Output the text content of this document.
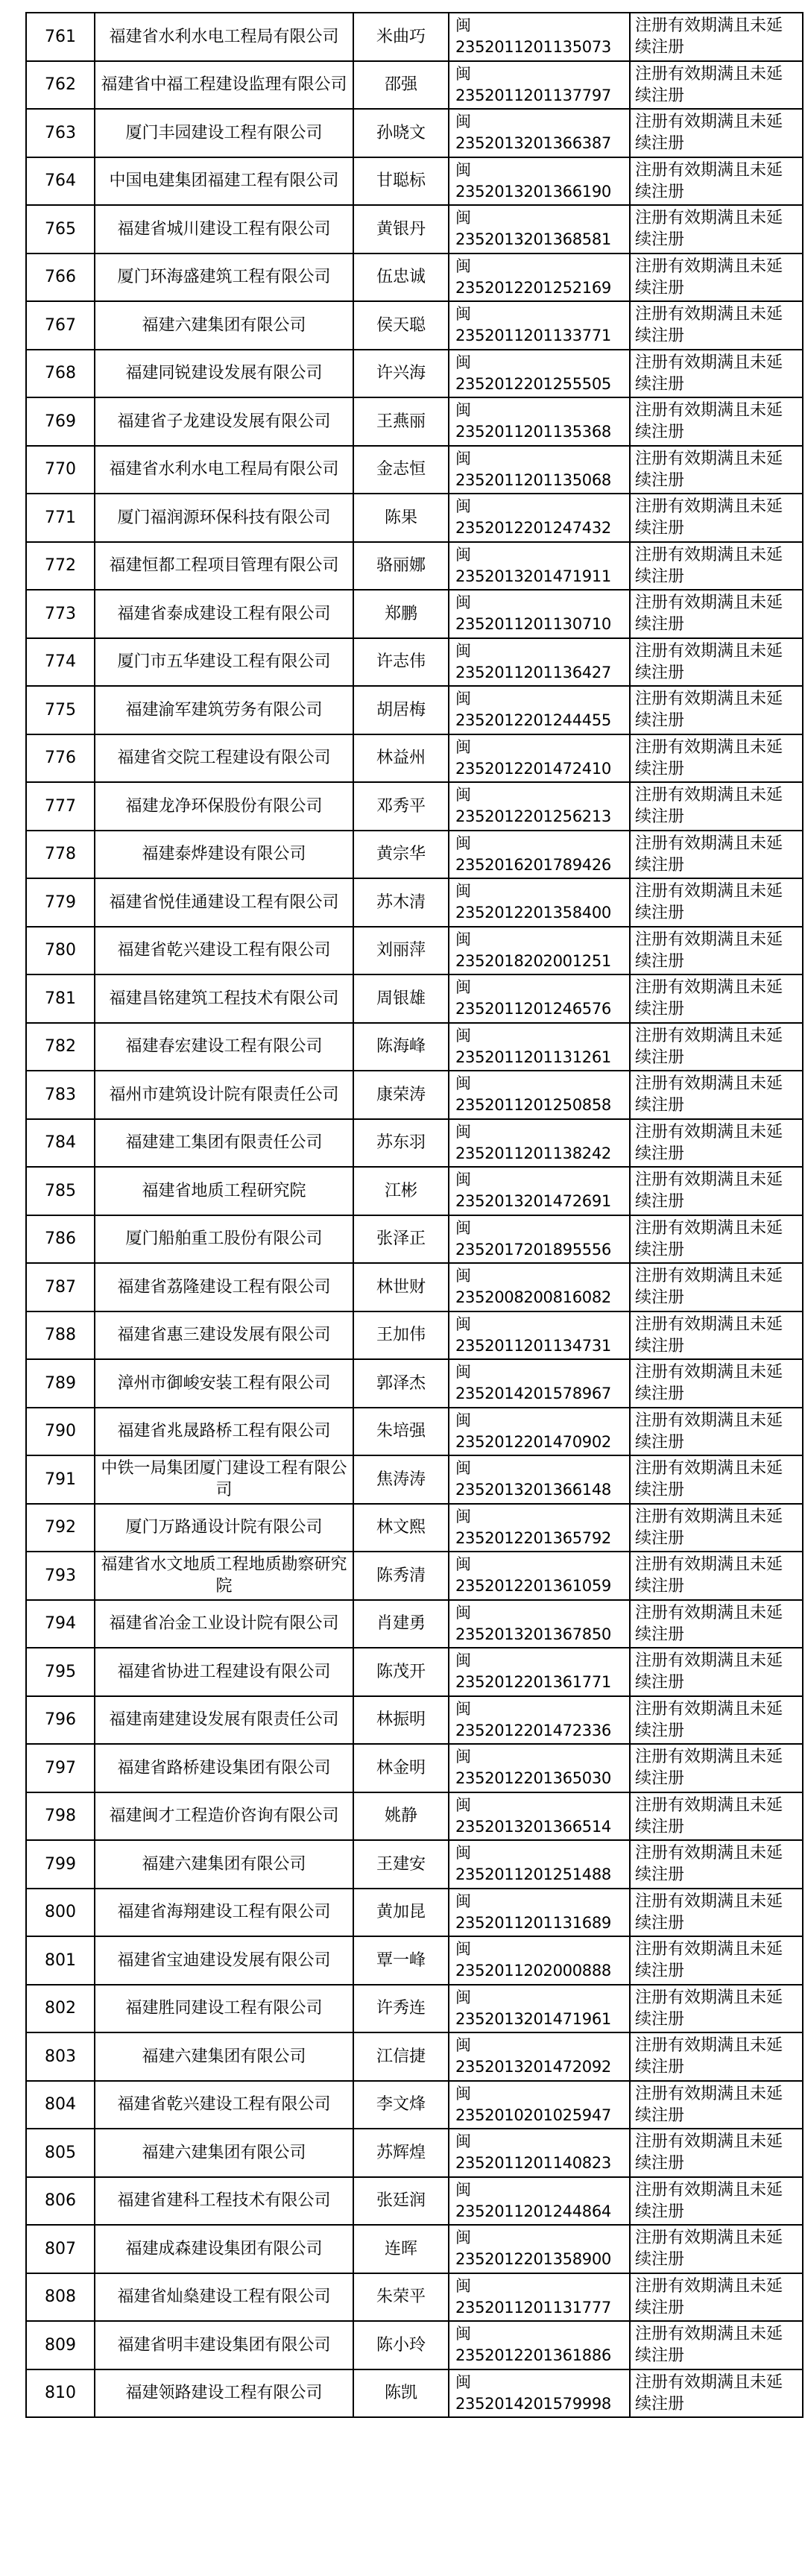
761	福建省水利水电工程局有限公司	米曲巧	闽2352011201135073	注册有效期满且未延续注册
762	福建省中福工程建设监理有限公司	邵强	闽2352011201137797	注册有效期满且未延续注册
763	厦门丰园建设工程有限公司	孙晓文	闽2352013201366387	注册有效期满且未延续注册
764	中国电建集团福建工程有限公司	甘聪标	闽2352013201366190	注册有效期满且未延续注册
765	福建省城川建设工程有限公司	黄银丹	闽2352013201368581	注册有效期满且未延续注册
766	厦门环海盛建筑工程有限公司	伍忠诚	闽2352012201252169	注册有效期满且未延续注册
767	福建六建集团有限公司	侯天聪	闽2352011201133771	注册有效期满且未延续注册
768	福建同锐建设发展有限公司	许兴海	闽2352012201255505	注册有效期满且未延续注册
769	福建省子龙建设发展有限公司	王燕丽	闽2352011201135368	注册有效期满且未延续注册
770	福建省水利水电工程局有限公司	金志恒	闽2352011201135068	注册有效期满且未延续注册
771	厦门福润源环保科技有限公司	陈果	闽2352012201247432	注册有效期满且未延续注册
772	福建恒都工程项目管理有限公司	骆丽娜	闽2352013201471911	注册有效期满且未延续注册
773	福建省泰成建设工程有限公司	郑鹏	闽2352011201130710	注册有效期满且未延续注册
774	厦门市五华建设工程有限公司	许志伟	闽2352011201136427	注册有效期满且未延续注册
775	福建渝军建筑劳务有限公司	胡居梅	闽2352012201244455	注册有效期满且未延续注册
776	福建省交院工程建设有限公司	林益州	闽2352012201472410	注册有效期满且未延续注册
777	福建龙净环保股份有限公司	邓秀平	闽2352012201256213	注册有效期满且未延续注册
778	福建泰烨建设有限公司	黄宗华	闽2352016201789426	注册有效期满且未延续注册
779	福建省悦佳通建设工程有限公司	苏木清	闽2352012201358400	注册有效期满且未延续注册
780	福建省乾兴建设工程有限公司	刘丽萍	闽2352018202001251	注册有效期满且未延续注册
781	福建昌铭建筑工程技术有限公司	周银雄	闽2352011201246576	注册有效期满且未延续注册
782	福建春宏建设工程有限公司	陈海峰	闽2352011201131261	注册有效期满且未延续注册
783	福州市建筑设计院有限责任公司	康荣涛	闽2352011201250858	注册有效期满且未延续注册
784	福建建工集团有限责任公司	苏东羽	闽2352011201138242	注册有效期满且未延续注册
785	福建省地质工程研究院	江彬	闽2352013201472691	注册有效期满且未延续注册
786	厦门船舶重工股份有限公司	张泽正	闽2352017201895556	注册有效期满且未延续注册
787	福建省荔隆建设工程有限公司	林世财	闽2352008200816082	注册有效期满且未延续注册
788	福建省惠三建设发展有限公司	王加伟	闽2352011201134731	注册有效期满且未延续注册
789	漳州市御峻安装工程有限公司	郭泽杰	闽2352014201578967	注册有效期满且未延续注册
790	福建省兆晟路桥工程有限公司	朱培强	闽2352012201470902	注册有效期满且未延续注册
791	中铁一局集团厦门建设工程有限公司	焦涛涛	闽2352013201366148	注册有效期满且未延续注册
792	厦门万路通设计院有限公司	林文熙	闽2352012201365792	注册有效期满且未延续注册
793	福建省水文地质工程地质勘察研究院	陈秀清	闽2352012201361059	注册有效期满且未延续注册
794	福建省冶金工业设计院有限公司	肖建勇	闽2352013201367850	注册有效期满且未延续注册
795	福建省协进工程建设有限公司	陈茂开	闽2352012201361771	注册有效期满且未延续注册
796	福建南建建设发展有限责任公司	林振明	闽2352012201472336	注册有效期满且未延续注册
797	福建省路桥建设集团有限公司	林金明	闽2352012201365030	注册有效期满且未延续注册
798	福建闽才工程造价咨询有限公司	姚静	闽2352013201366514	注册有效期满且未延续注册
799	福建六建集团有限公司	王建安	闽2352011201251488	注册有效期满且未延续注册
800	福建省海翔建设工程有限公司	黄加昆	闽2352011201131689	注册有效期满且未延续注册
801	福建省宝迪建设发展有限公司	覃一峰	闽2352011202000888	注册有效期满且未延续注册
802	福建胜同建设工程有限公司	许秀连	闽2352013201471961	注册有效期满且未延续注册
803	福建六建集团有限公司	江信捷	闽2352013201472092	注册有效期满且未延续注册
804	福建省乾兴建设工程有限公司	李文烽	闽2352010201025947	注册有效期满且未延续注册
805	福建六建集团有限公司	苏辉煌	闽2352011201140823	注册有效期满且未延续注册
806	福建省建科工程技术有限公司	张廷润	闽2352011201244864	注册有效期满且未延续注册
807	福建成森建设集团有限公司	连晖	闽2352012201358900	注册有效期满且未延续注册
808	福建省灿燊建设工程有限公司	朱荣平	闽2352011201131777	注册有效期满且未延续注册
809	福建省明丰建设集团有限公司	陈小玲	闽2352012201361886	注册有效期满且未延续注册
810	福建领路建设工程有限公司	陈凯	闽2352014201579998	注册有效期满且未延续注册
